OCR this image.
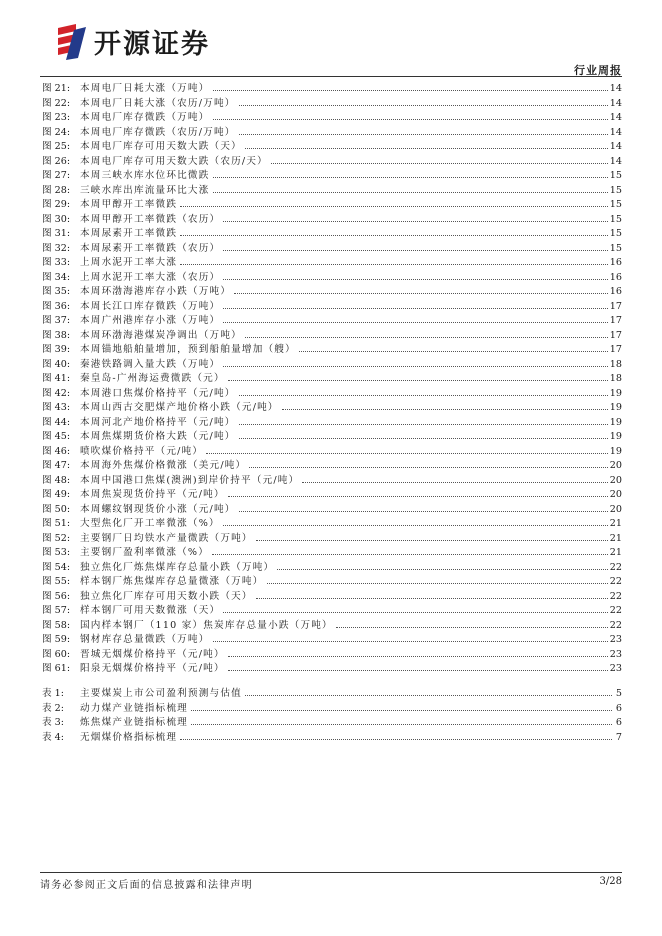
开源证券
行业周报
图 21:	本周电厂日耗大涨（万吨）	14
图 22:	本周电厂日耗大涨（农历/万吨）	14
图 23:	本周电厂库存微跌（万吨）	14
图 24:	本周电厂库存微跌（农历/万吨）	14
图 25:	本周电厂库存可用天数大跌（天）	14
图 26:	本周电厂库存可用天数大跌（农历/天）	14
图 27:	本周三峡水库水位环比微跌	15
图 28:	三峡水库出库流量环比大涨	15
图 29:	本周甲醇开工率微跌	15
图 30:	本周甲醇开工率微跌（农历）	15
图 31:	本周尿素开工率微跌	15
图 32:	本周尿素开工率微跌（农历）	15
图 33:	上周水泥开工率大涨	16
图 34:	上周水泥开工率大涨（农历）	16
图 35:	本周环渤海港库存小跌（万吨）	16
图 36:	本周长江口库存微跌（万吨）	17
图 37:	本周广州港库存小涨（万吨）	17
图 38:	本周环渤海港煤炭净调出（万吨）	17
图 39:	本周锚地船舶量增加，预到船舶量增加（艘）	17
图 40:	秦港铁路调入量大跌（万吨）	18
图 41:	秦皇岛-广州海运费微跌（元）	18
图 42:	本周港口焦煤价格持平（元/吨）	19
图 43:	本周山西古交肥煤产地价格小跌（元/吨）	19
图 44:	本周河北产地价格持平（元/吨）	19
图 45:	本周焦煤期货价格大跌（元/吨）	19
图 46:	喷吹煤价格持平（元/吨）	19
图 47:	本周海外焦煤价格微涨（美元/吨）	20
图 48:	本周中国港口焦煤(澳洲)到岸价持平（元/吨）	20
图 49:	本周焦炭现货价持平（元/吨）	20
图 50:	本周螺纹钢现货价小涨（元/吨）	20
图 51:	大型焦化厂开工率微涨（%）	21
图 52:	主要钢厂日均铁水产量微跌（万吨）	21
图 53:	主要钢厂盈利率微涨（%）	21
图 54:	独立焦化厂炼焦煤库存总量小跌（万吨）	22
图 55:	样本钢厂炼焦煤库存总量微涨（万吨）	22
图 56:	独立焦化厂库存可用天数小跌（天）	22
图 57:	样本钢厂可用天数微涨（天）	22
图 58:	国内样本钢厂（110 家）焦炭库存总量小跌（万吨）	22
图 59:	钢材库存总量微跌（万吨）	23
图 60:	晋城无烟煤价格持平（元/吨）	23
图 61:	阳泉无烟煤价格持平（元/吨）	23
表 1:	主要煤炭上市公司盈利预测与估值	5
表 2:	动力煤产业链指标梳理	6
表 3:	炼焦煤产业链指标梳理	6
表 4:	无烟煤价格指标梳理	7
请务必参阅正文后面的信息披露和法律声明	3/28
